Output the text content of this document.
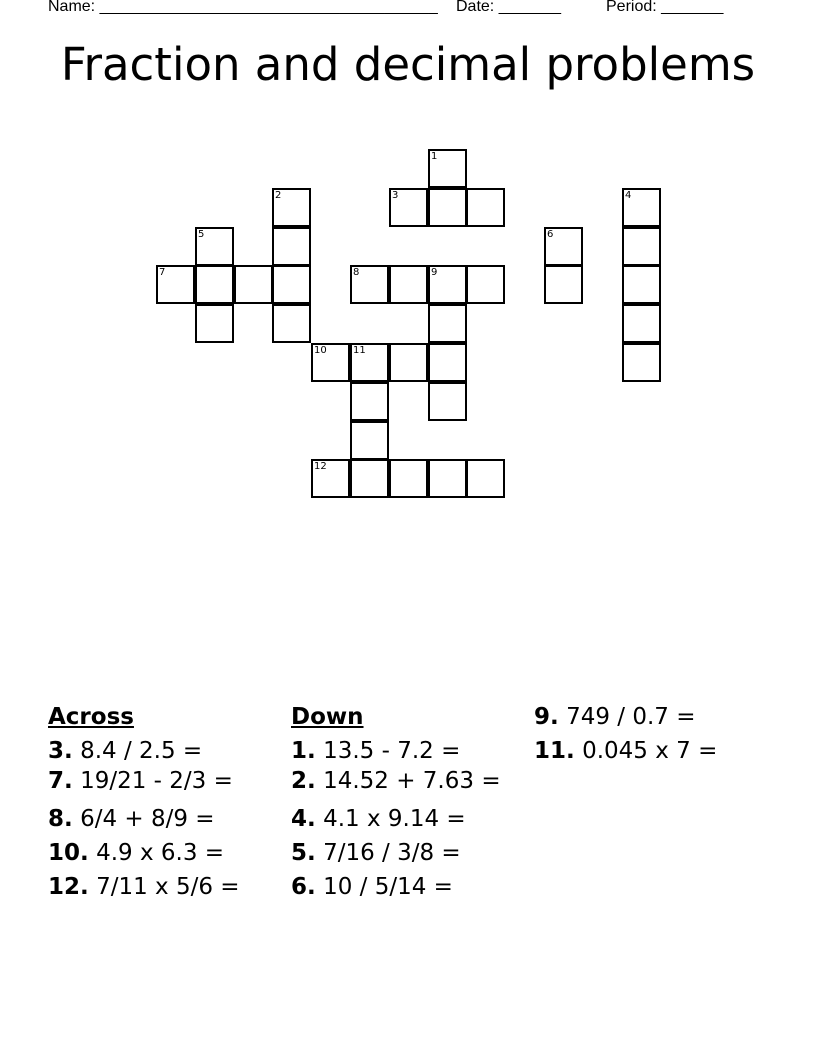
Name: ______________________________________ Date: _______	Period: _______
Fraction and decimal problems
1
2	3	4
5	6
7	8	9
10	11
12
Across
3. 8.4 / 2.5 =
7. 19/21 - 2/3 =
8. 6/4 + 8/9 =
10. 4.9 x 6.3 =
12. 7/11 x 5/6 =
Down
1. 13.5 - 7.2 =
2. 14.52 + 7.63 =
4. 4.1 x 9.14 =
5. 7/16 / 3/8 =
6. 10 / 5/14 =
9. 749 / 0.7 =
11. 0.045 x 7 =
